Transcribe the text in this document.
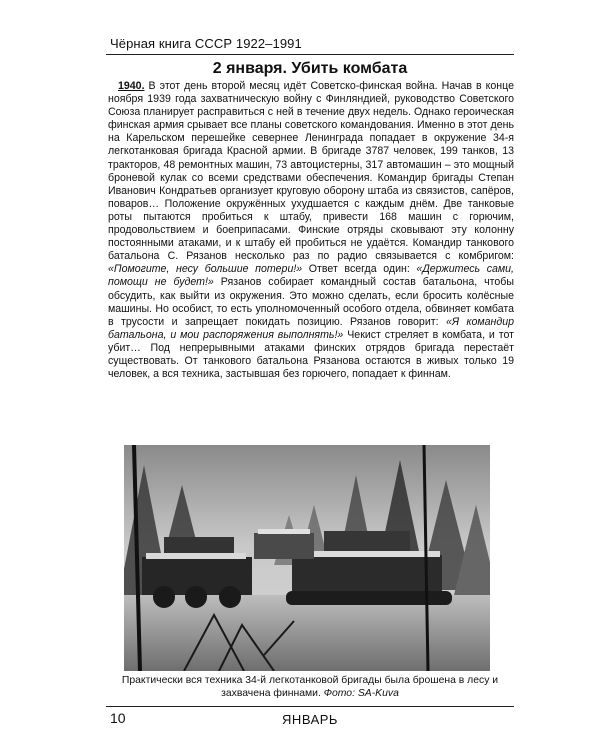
Чёрная книга СССР 1922–1991
2 января. Убить комбата

1940. В этот день второй месяц идёт Советско-финская война. Начав в конце ноября 1939 года захватническую войну с Финляндией, руководство Советского Союза планирует расправиться с ней в течение двух недель. Однако героическая финская армия срывает все планы советского командования. Именно в этот день на Карельском перешейке севернее Ленинграда попадает в окружение 34-я легкотанковая бригада Красной армии. В бригаде 3787 человек, 199 танков, 13 тракторов, 48 ремонтных машин, 73 автоцистерны, 317 автомашин – это мощный броневой кулак со всеми средствами обеспечения. Командир бригады Степан Иванович Кондратьев организует круговую оборону штаба из связистов, сапёров, поваров… Положение окружённых ухудшается с каждым днём. Две танковые роты пытаются пробиться к штабу, привести 168 машин с горючим, продовольствием и боеприпасами. Финские отряды сковывают эту колонну постоянными атаками, и к штабу ей пробиться не удаётся. Командир танкового батальона С. Рязанов несколько раз по радио связывается с комбригом: «Помогите, несу большие потери!» Ответ всегда один: «Держитесь сами, помощи не будет!» Рязанов собирает командный состав батальона, чтобы обсудить, как выйти из окружения. Это можно сделать, если бросить колёсные машины. Но особист, то есть уполномоченный особого отдела, обвиняет комбата в трусости и запрещает покидать позицию. Рязанов говорит: «Я командир батальона, и мои распоряжения выполнять!» Чекист стреляет в комбата, и тот убит… Под непрерывными атаками финских отрядов бригада перестаёт существовать. От танкового батальона Рязанова остаются в живых только 19 человек, а вся техника, застывшая без горючего, попадает к финнам.

Практически вся техника 34-й легкотанковой бригады была брошена в лесу и захвачена финнами. Фото: SA-Kuva
10	ЯНВАРЬ
